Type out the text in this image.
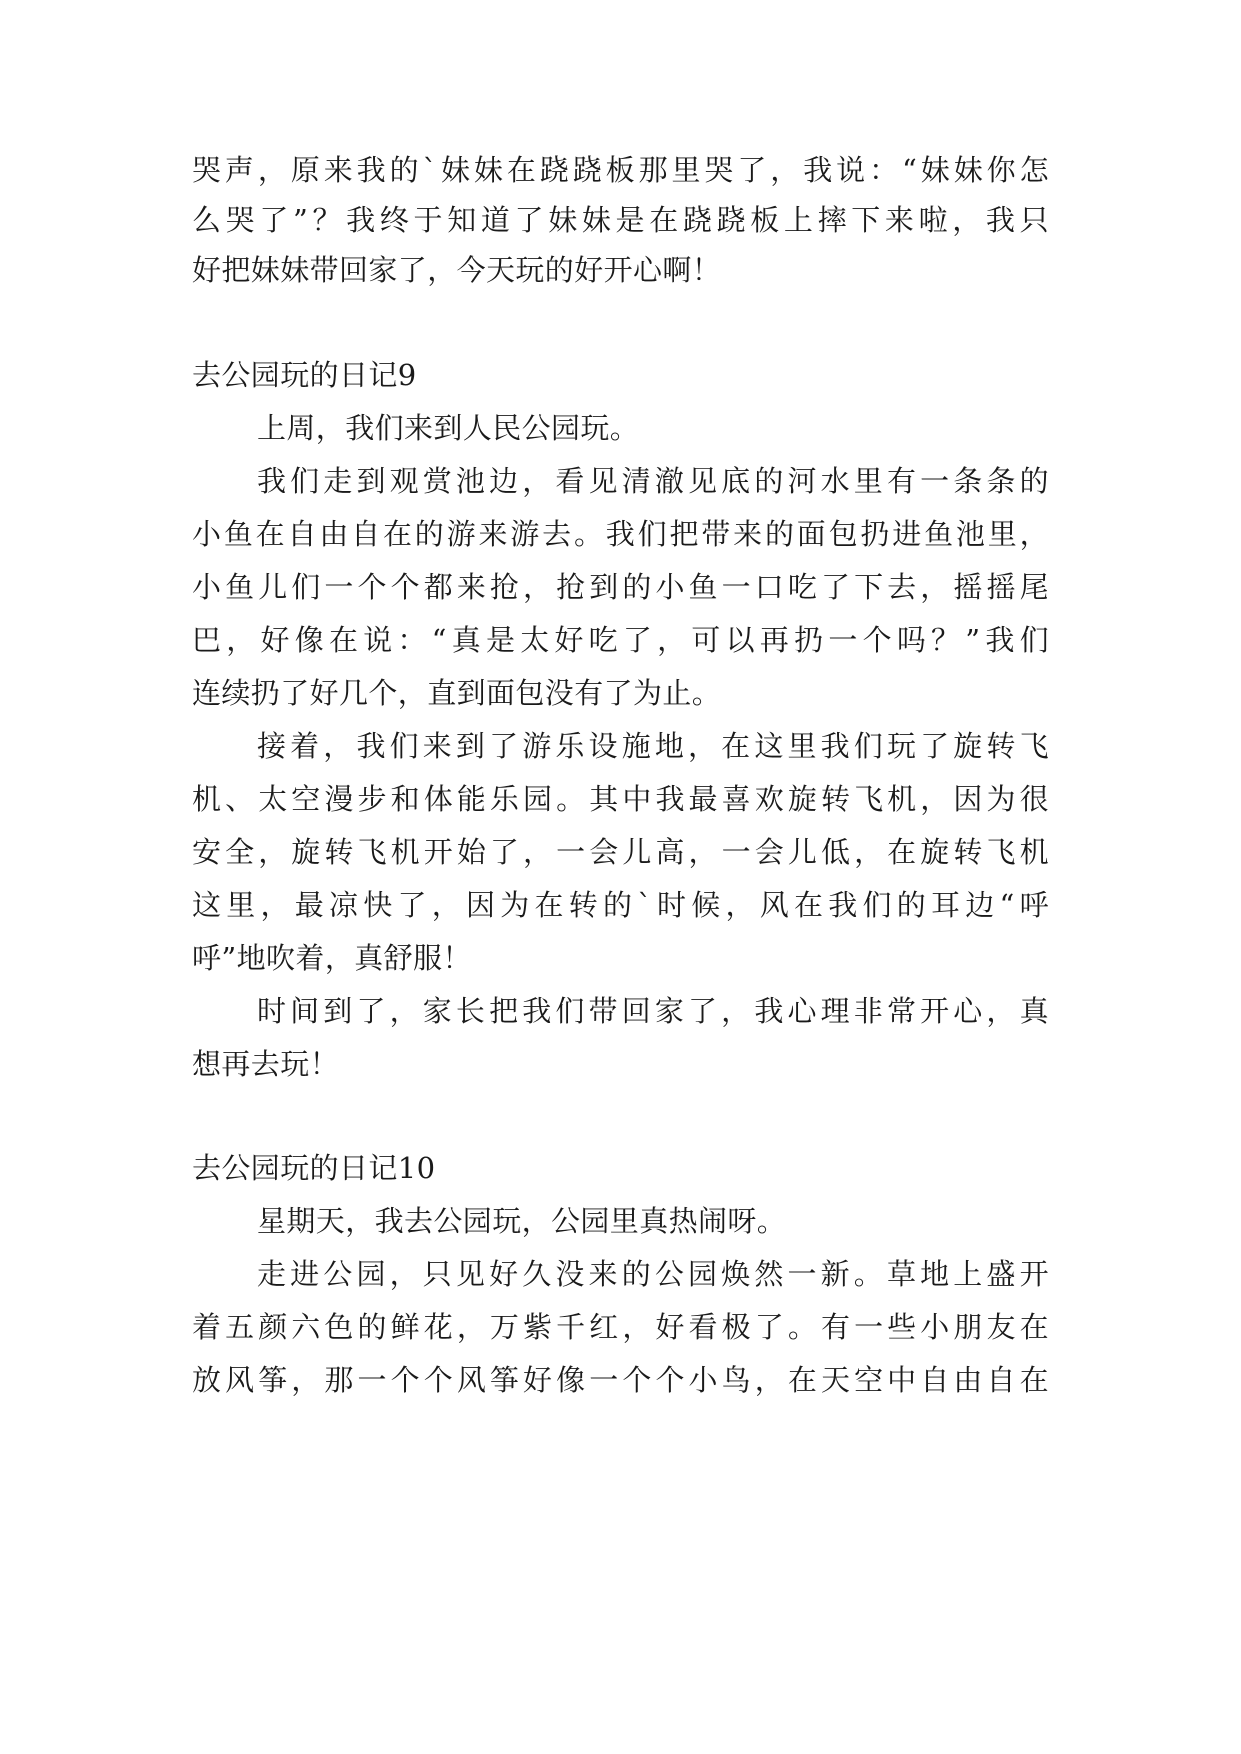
哭声，原来我的`妹妹在跷跷板那里哭了，我说：“妹妹你怎
么哭了”？我终于知道了妹妹是在跷跷板上摔下来啦，我只
好把妹妹带回家了，今天玩的好开心啊！
去公园玩的日记9
上周，我们来到人民公园玩。
我们走到观赏池边，看见清澈见底的河水里有一条条的
小鱼在自由自在的游来游去。我们把带来的面包扔进鱼池里，
小鱼儿们一个个都来抢，抢到的小鱼一口吃了下去，摇摇尾
巴，好像在说：“真是太好吃了，可以再扔一个吗？”我们
连续扔了好几个，直到面包没有了为止。
接着，我们来到了游乐设施地，在这里我们玩了旋转飞
机、太空漫步和体能乐园。其中我最喜欢旋转飞机，因为很
安全，旋转飞机开始了，一会儿高，一会儿低，在旋转飞机
这里，最凉快了，因为在转的`时候，风在我们的耳边“呼
呼”地吹着，真舒服！
时间到了，家长把我们带回家了，我心理非常开心，真
想再去玩！
去公园玩的日记10
星期天，我去公园玩，公园里真热闹呀。
走进公园，只见好久没来的公园焕然一新。草地上盛开
着五颜六色的鲜花，万紫千红，好看极了。有一些小朋友在
放风筝，那一个个风筝好像一个个小鸟，在天空中自由自在
